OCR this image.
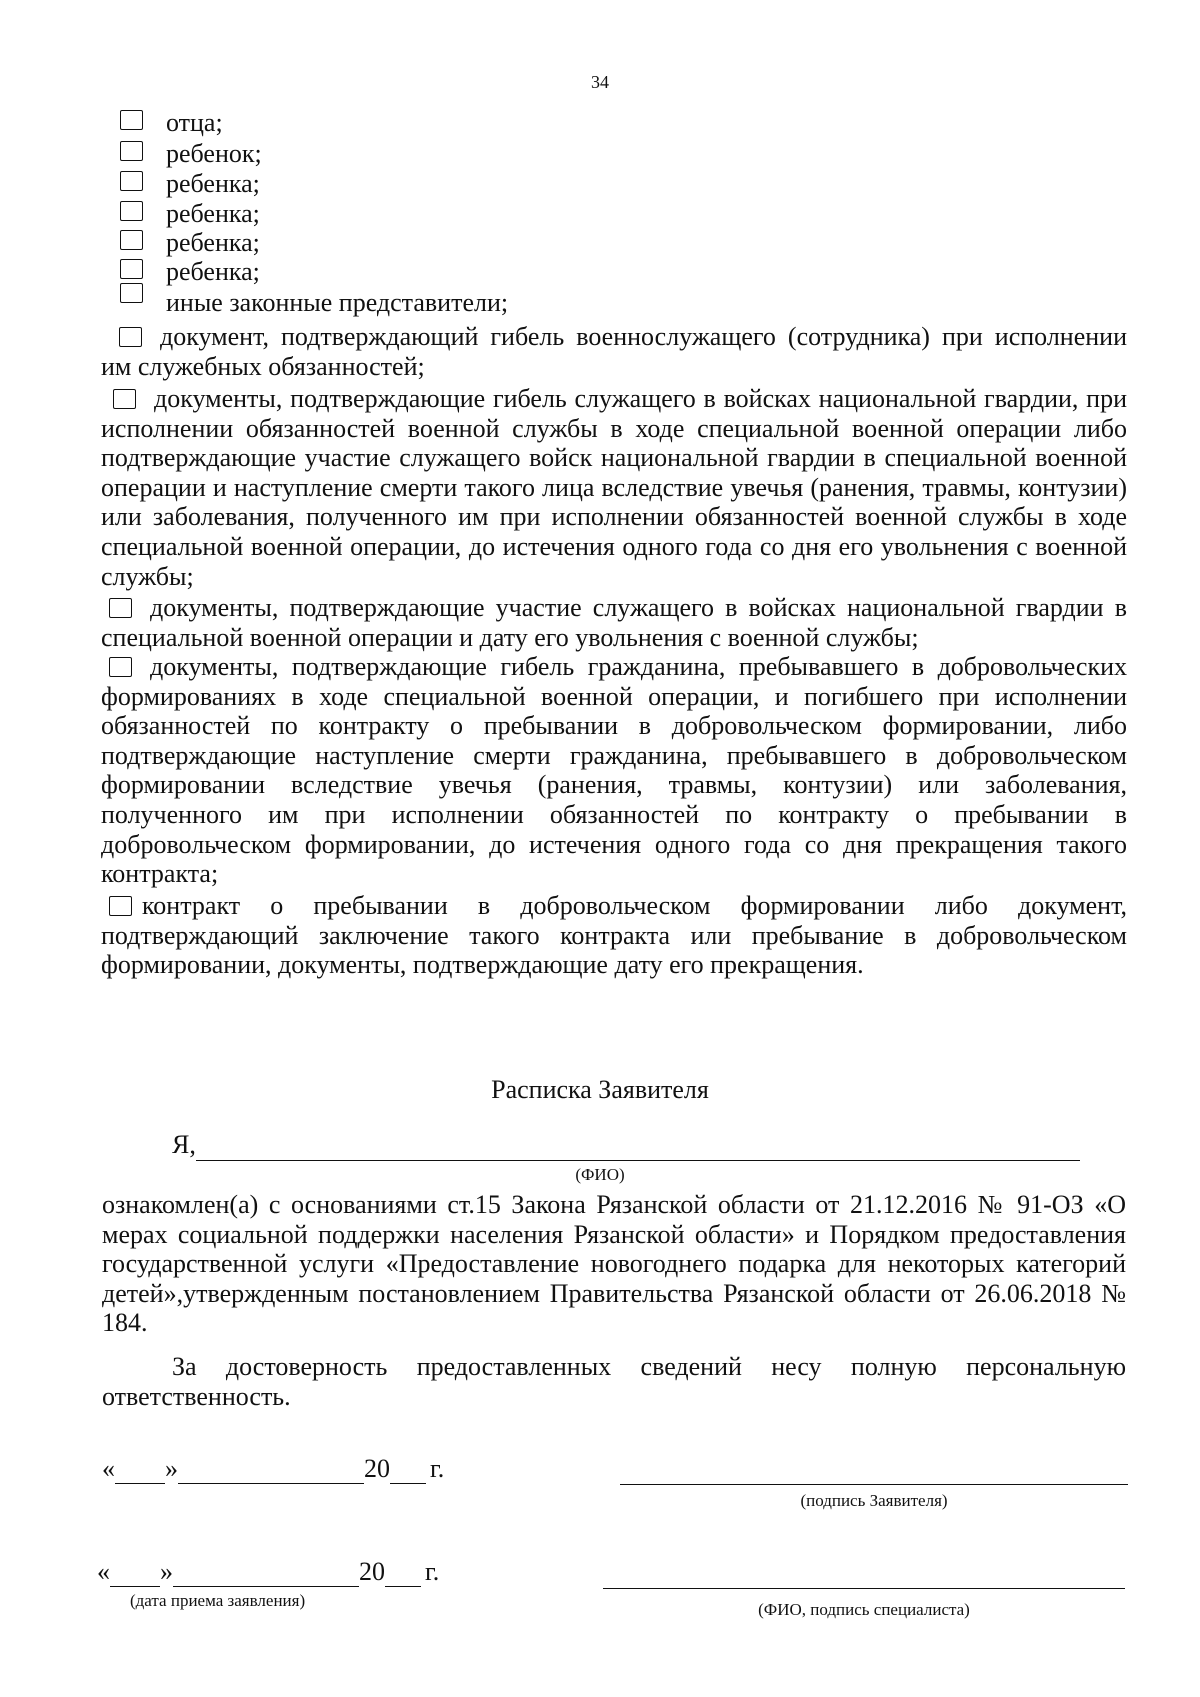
34
отца;
ребенок;
ребенка;
ребенка;
ребенка;
ребенка;
иные законные представители;

документ, подтверждающий гибель военнослужащего (сотрудника) при исполнении им служебных обязанностей;

документы, подтверждающие гибель служащего в войсках национальной гвардии, при исполнении обязанностей военной службы в ходе специальной военной операции либо подтверждающие участие служащего войск национальной гвардии в специальной военной операции и наступление смерти такого лица вследствие увечья (ранения, травмы, контузии) или заболевания, полученного им при исполнении обязанностей военной службы в ходе специальной военной операции, до истечения одного года со дня его увольнения с военной службы;

документы, подтверждающие участие служащего в войсках национальной гвардии в специальной военной операции и дату его увольнения с военной службы;

документы, подтверждающие гибель гражданина, пребывавшего в добровольческих формированиях в ходе специальной военной операции, и погибшего при исполнении обязанностей по контракту о пребывании в добровольческом формировании, либо подтверждающие наступление смерти гражданина, пребывавшего в добровольческом формировании вследствие увечья (ранения, травмы, контузии) или заболевания, полученного им при исполнении обязанностей по контракту о пребывании в добровольческом формировании, до истечения одного года со дня прекращения такого контракта;

контракт о пребывании в добровольческом формировании либо документ, подтверждающий заключение такого контракта или пребывание в добровольческом формировании, документы, подтверждающие дату его прекращения.

Расписка Заявителя
Я,
(ФИО)

ознакомлен(а) с основаниями ст.15 Закона Рязанской области от 21.12.2016 № 91-ОЗ «О мерах социальной поддержки населения Рязанской области» и Порядком предоставления государственной услуги «Предоставление новогоднего подарка для некоторых категорий детей»,утвержденным постановлением Правительства Рязанской области от 26.06.2018 № 184.

За достоверность предоставленных сведений несу полную персональную ответственность.

« »	20 г.
(подпись Заявителя)
« »	20 г.
(дата приема заявления)	(ФИО, подпись специалиста)
